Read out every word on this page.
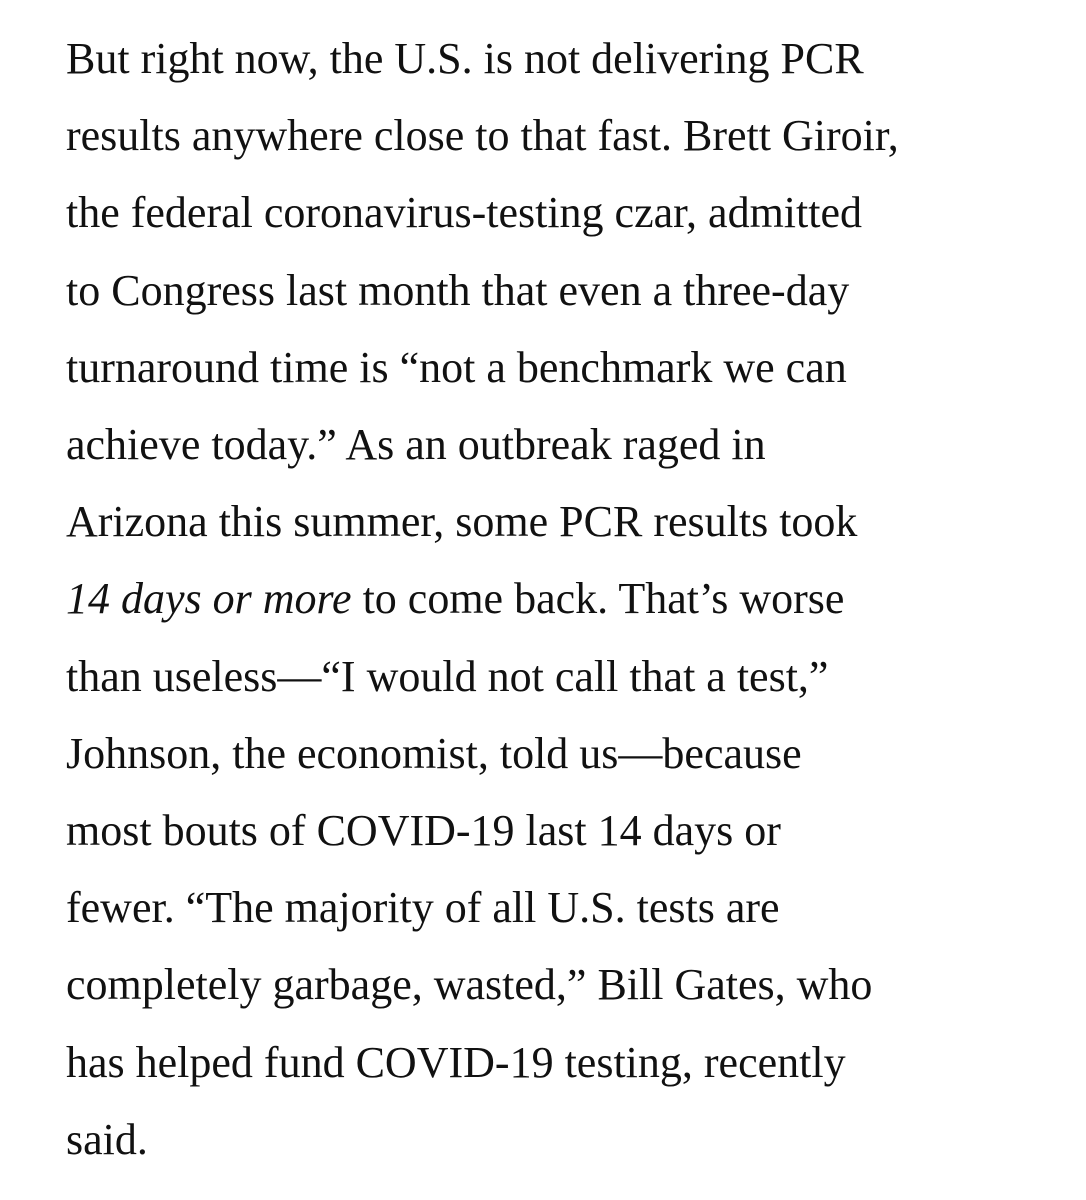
But right now, the U.S. is not delivering PCR
results anywhere close to that fast. Brett Giroir,
the federal coronavirus-testing czar, admitted
to Congress last month that even a three-day
turnaround time is “not a benchmark we can
achieve today.” As an outbreak raged in
Arizona this summer, some PCR results took
14 days or more to come back. That’s worse
than useless—“I would not call that a test,”
Johnson, the economist, told us—because
most bouts of COVID-19 last 14 days or
fewer. “The majority of all U.S. tests are
completely garbage, wasted,” Bill Gates, who
has helped fund COVID-19 testing, recently
said.
